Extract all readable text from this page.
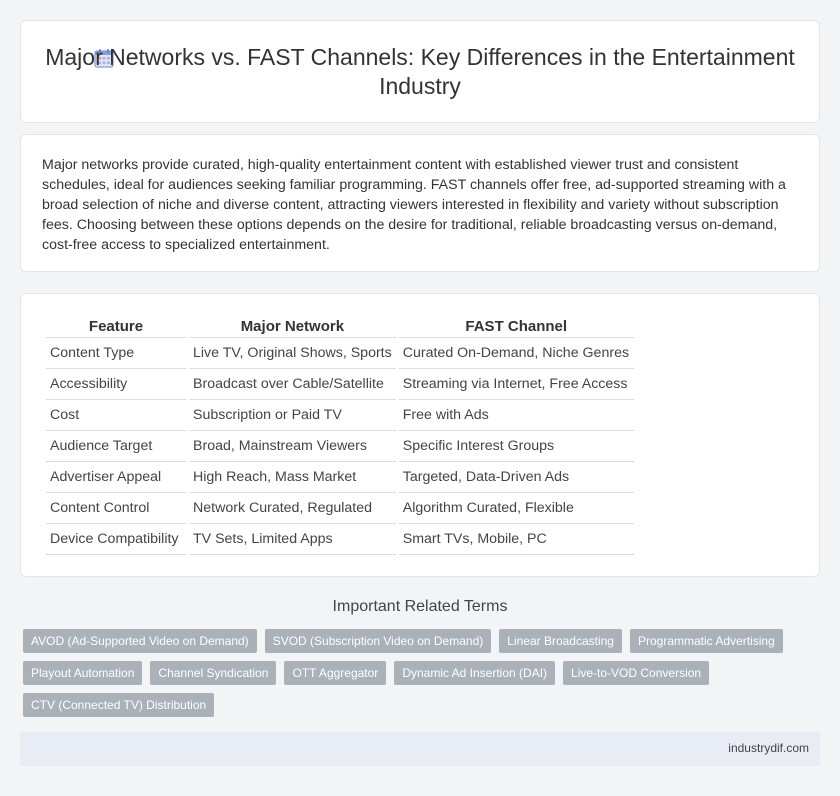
Major Networks vs. FAST Channels: Key Differences in the Entertainment Industry

Major networks provide curated, high-quality entertainment content with established viewer trust and consistent schedules, ideal for audiences seeking familiar programming. FAST channels offer free, ad-supported streaming with a broad selection of niche and diverse content, attracting viewers interested in flexibility and variety without subscription fees. Choosing between these options depends on the desire for traditional, reliable broadcasting versus on-demand, cost-free access to specialized entertainment.

Feature	Major Network	FAST Channel
Content Type	Live TV, Original Shows, Sports	Curated On-Demand, Niche Genres
Accessibility	Broadcast over Cable/Satellite	Streaming via Internet, Free Access
Cost	Subscription or Paid TV	Free with Ads
Audience Target	Broad, Mainstream Viewers	Specific Interest Groups
Advertiser Appeal	High Reach, Mass Market	Targeted, Data-Driven Ads
Content Control	Network Curated, Regulated	Algorithm Curated, Flexible
Device Compatibility	TV Sets, Limited Apps	Smart TVs, Mobile, PC
Important Related Terms
AVOD (Ad-Supported Video on Demand)	SVOD (Subscription Video on Demand)	Linear Broadcasting	Programmatic Advertising
Playout Automation	Channel Syndication	OTT Aggregator	Dynamic Ad Insertion (DAI)	Live-to-VOD Conversion
CTV (Connected TV) Distribution
industrydif.com
